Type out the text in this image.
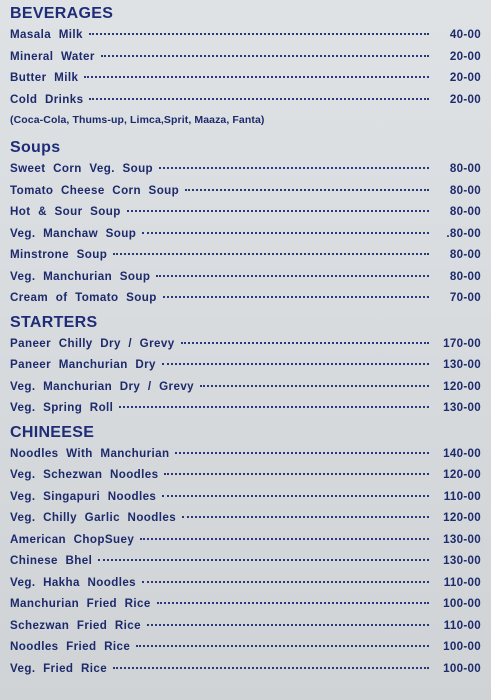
BEVERAGES
Masala Milk	40-00
Mineral Water	20-00
Butter Milk	20-00
Cold Drinks	20-00
(Coca-Cola, Thums-up, Limca,Sprit, Maaza, Fanta)
Soups
Sweet Corn Veg. Soup	80-00
Tomato Cheese Corn Soup	80-00
Hot & Sour Soup	80-00
Veg. Manchaw Soup	.80-00
Minstrone Soup	80-00
Veg. Manchurian Soup	80-00
Cream of Tomato Soup	70-00
STARTERS
Paneer Chilly Dry / Grevy	170-00
Paneer Manchurian Dry	130-00
Veg. Manchurian Dry / Grevy	120-00
Veg. Spring Roll	130-00
CHINEESE
Noodles With Manchurian	140-00
Veg. Schezwan Noodles	120-00
Veg. Singapuri Noodles	110-00
Veg. Chilly Garlic Noodles	120-00
American ChopSuey	130-00
Chinese Bhel	130-00
Veg. Hakha Noodles	110-00
Manchurian Fried Rice	100-00
Schezwan Fried Rice	110-00
Noodles Fried Rice	100-00
Veg. Fried Rice	100-00
